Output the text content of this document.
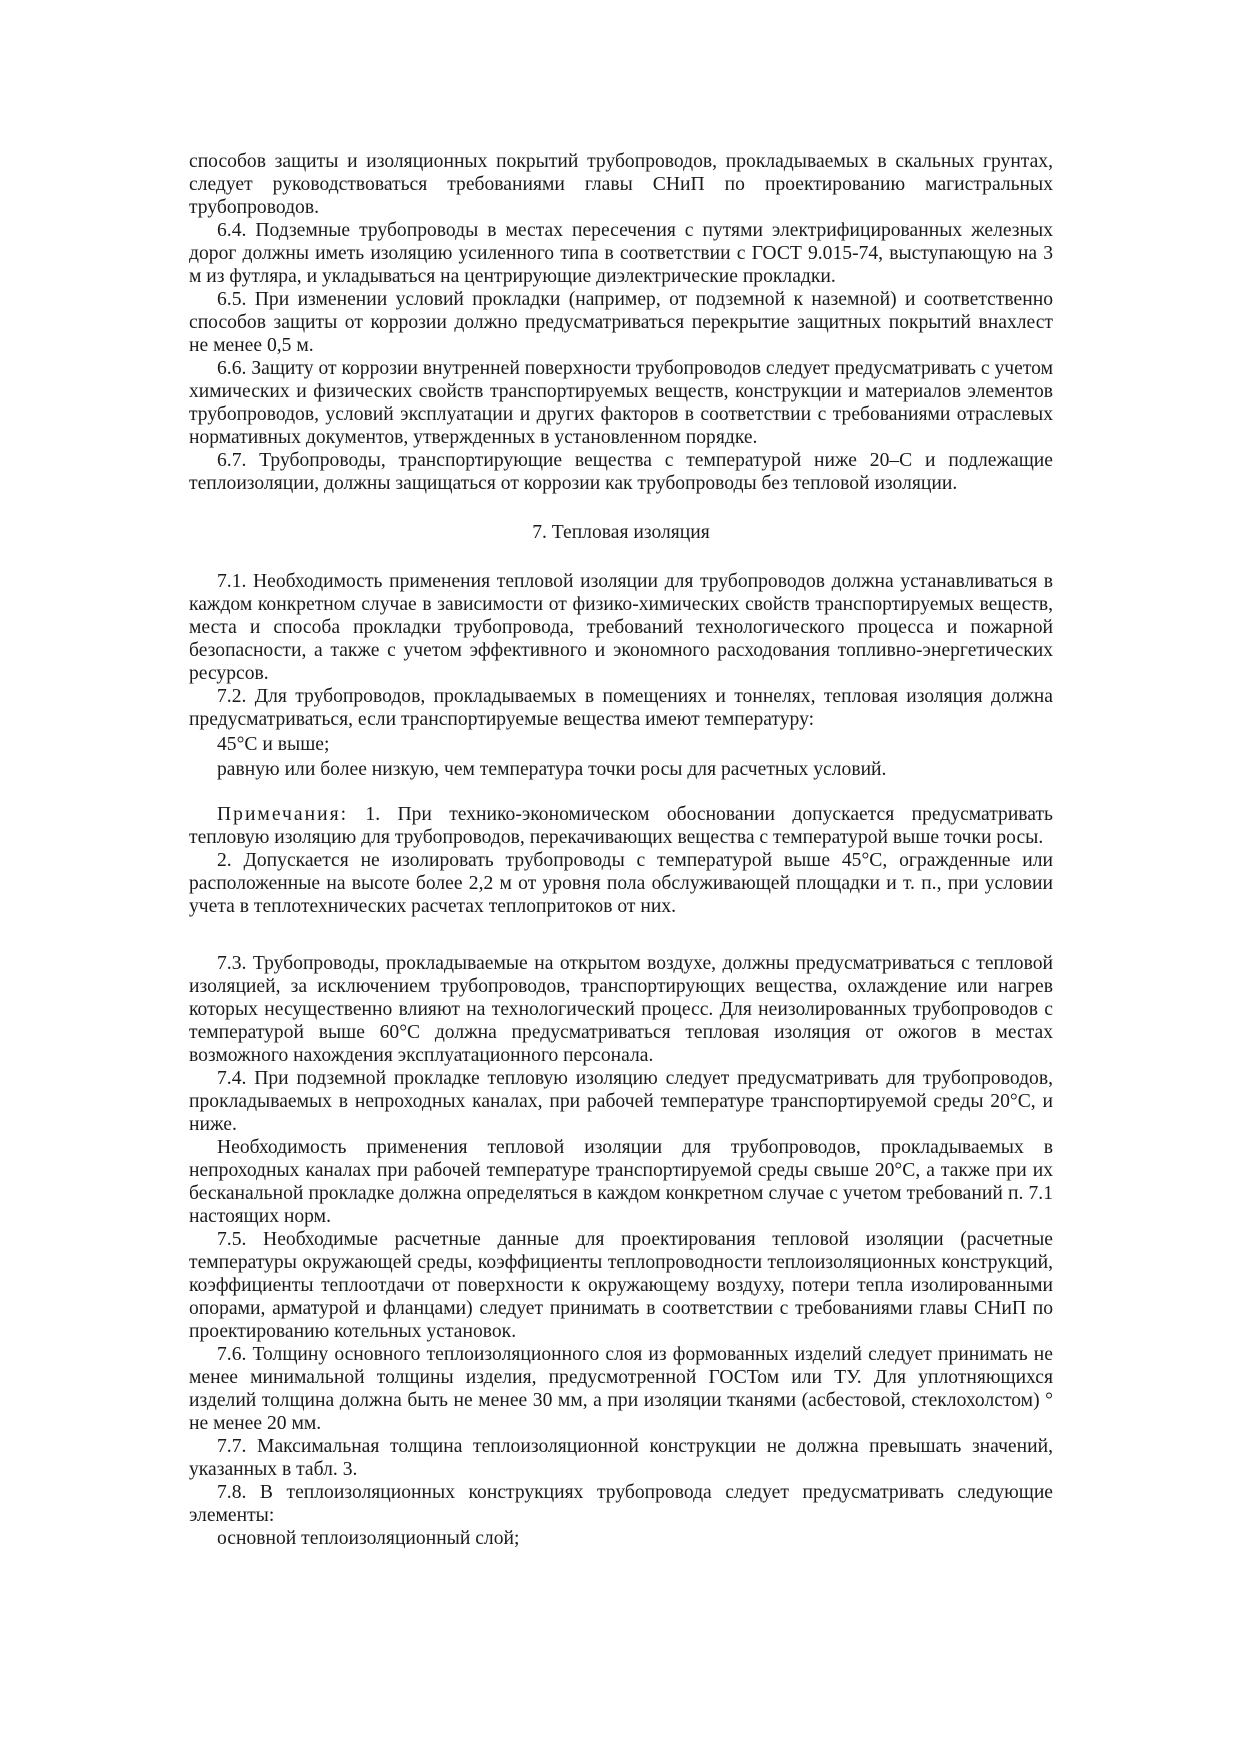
способов защиты и изоляционных покрытий трубопроводов, прокладываемых в скальных грунтах, следует руководствоваться требованиями главы СНиП по проектированию магистральных трубопроводов.

6.4. Подземные трубопроводы в местах пересечения с путями электрифицированных железных дорог должны иметь изоляцию усиленного типа в соответствии с ГОСТ 9.015-74, выступающую на 3 м из футляра, и укладываться на центрирующие диэлектрические прокладки.

6.5. При изменении условий прокладки (например, от подземной к наземной) и соответственно способов защиты от коррозии должно предусматриваться перекрытие защитных покрытий внахлест не менее 0,5 м.

6.6. Защиту от коррозии внутренней поверхности трубопроводов следует предусматривать с учетом химических и физических свойств транспортируемых веществ, конструкции и материалов элементов трубопроводов, условий эксплуатации и других факторов в соответствии с требованиями отраслевых нормативных документов, утвержденных в установленном порядке.

6.7. Трубопроводы, транспортирующие вещества с температурой ниже 20–С и подлежащие теплоизоляции, должны защищаться от коррозии как трубопроводы без тепловой изоляции.

7. Тепловая изоляция

7.1. Необходимость применения тепловой изоляции для трубопроводов должна устанавливаться в каждом конкретном случае в зависимости от физико-химических свойств транспортируемых веществ, места и способа прокладки трубопровода, требований технологического процесса и пожарной безопасности, а также с учетом эффективного и экономного расходования топливно-энергетических ресурсов.

7.2. Для трубопроводов, прокладываемых в помещениях и тоннелях, тепловая изоляция должна предусматриваться, если транспортируемые вещества имеют температуру:

45°С и выше;

равную или более низкую, чем температура точки росы для расчетных условий.

Примечания: 1. При технико-экономическом обосновании допускается предусматривать тепловую изоляцию для трубопроводов, перекачивающих вещества с температурой выше точки росы.

2. Допускается не изолировать трубопроводы с температурой выше 45°С, огражденные или расположенные на высоте более 2,2 м от уровня пола обслуживающей площадки и т. п., при условии учета в теплотехнических расчетах теплопритоков от них.

7.3. Трубопроводы, прокладываемые на открытом воздухе, должны предусматриваться с тепловой изоляцией, за исключением трубопроводов, транспортирующих вещества, охлаждение или нагрев которых несущественно влияют на технологический процесс. Для неизолированных трубопроводов с температурой выше 60°С должна предусматриваться тепловая изоляция от ожогов в местах возможного нахождения эксплуатационного персонала.

7.4. При подземной прокладке тепловую изоляцию следует предусматривать для трубопроводов, прокладываемых в непроходных каналах, при рабочей температуре транспортируемой среды 20°С, и ниже.

Необходимость применения тепловой изоляции для трубопроводов, прокладываемых в непроходных каналах при рабочей температуре транспортируемой среды свыше 20°С, а также при их бесканальной прокладке должна определяться в каждом конкретном случае с учетом требований п. 7.1 настоящих норм.

7.5. Необходимые расчетные данные для проектирования тепловой изоляции (расчетные температуры окружающей среды, коэффициенты теплопроводности теплоизоляционных конструкций, коэффициенты теплоотдачи от поверхности к окружающему воздуху, потери тепла изолированными опорами, арматурой и фланцами) следует принимать в соответствии с требованиями главы СНиП по проектированию котельных установок.

7.6. Толщину основного теплоизоляционного слоя из формованных изделий следует принимать не менее минимальной толщины изделия, предусмотренной ГОСТом или ТУ. Для уплотняющихся изделий толщина должна быть не менее 30 мм, а при изоляции тканями (асбестовой, стеклохолстом) ° не менее 20 мм.

7.7. Максимальная толщина теплоизоляционной конструкции не должна превышать значений, указанных в табл. 3.

7.8. В теплоизоляционных конструкциях трубопровода следует предусматривать следующие элементы:

основной теплоизоляционный слой;
